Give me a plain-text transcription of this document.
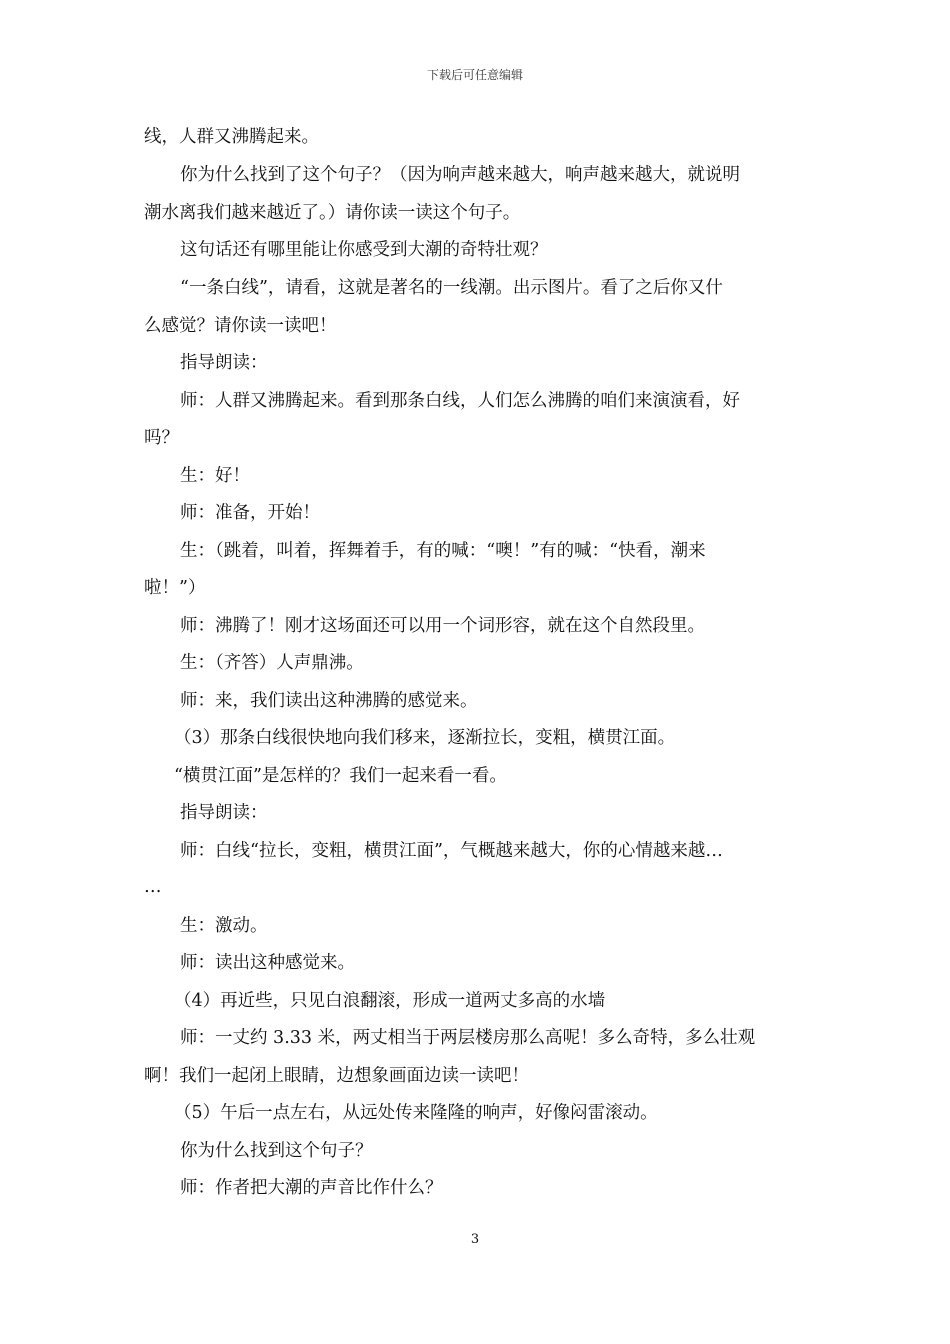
下载后可任意编辑
线，人群又沸腾起来。
你为什么找到了这个句子？（因为响声越来越大，响声越来越大，就说明
潮水离我们越来越近了。）请你读一读这个句子。
这句话还有哪里能让你感受到大潮的奇特壮观？
“一条白线”，请看，这就是著名的一线潮。出示图片。看了之后你又什
么感觉？请你读一读吧！
指导朗读：
师：人群又沸腾起来。看到那条白线，人们怎么沸腾的咱们来演演看，好
吗？
生：好！
师：准备，开始！
生：（跳着，叫着，挥舞着手，有的喊：“噢！”有的喊：“快看，潮来
啦！”）
师：沸腾了！刚才这场面还可以用一个词形容，就在这个自然段里。
生：（齐答）人声鼎沸。
师：来，我们读出这种沸腾的感觉来。
（3）那条白线很快地向我们移来，逐渐拉长，变粗，横贯江面。
“横贯江面”是怎样的？我们一起来看一看。
指导朗读：
师：白线“拉长，变粗，横贯江面”，气概越来越大，你的心情越来越…
…
生：激动。
师：读出这种感觉来。
（4）再近些，只见白浪翻滚，形成一道两丈多高的水墙
师：一丈约 3.33 米，两丈相当于两层楼房那么高呢！多么奇特，多么壮观
啊！我们一起闭上眼睛，边想象画面边读一读吧！
（5）午后一点左右，从远处传来隆隆的响声，好像闷雷滚动。
你为什么找到这个句子？
师：作者把大潮的声音比作什么？
3
